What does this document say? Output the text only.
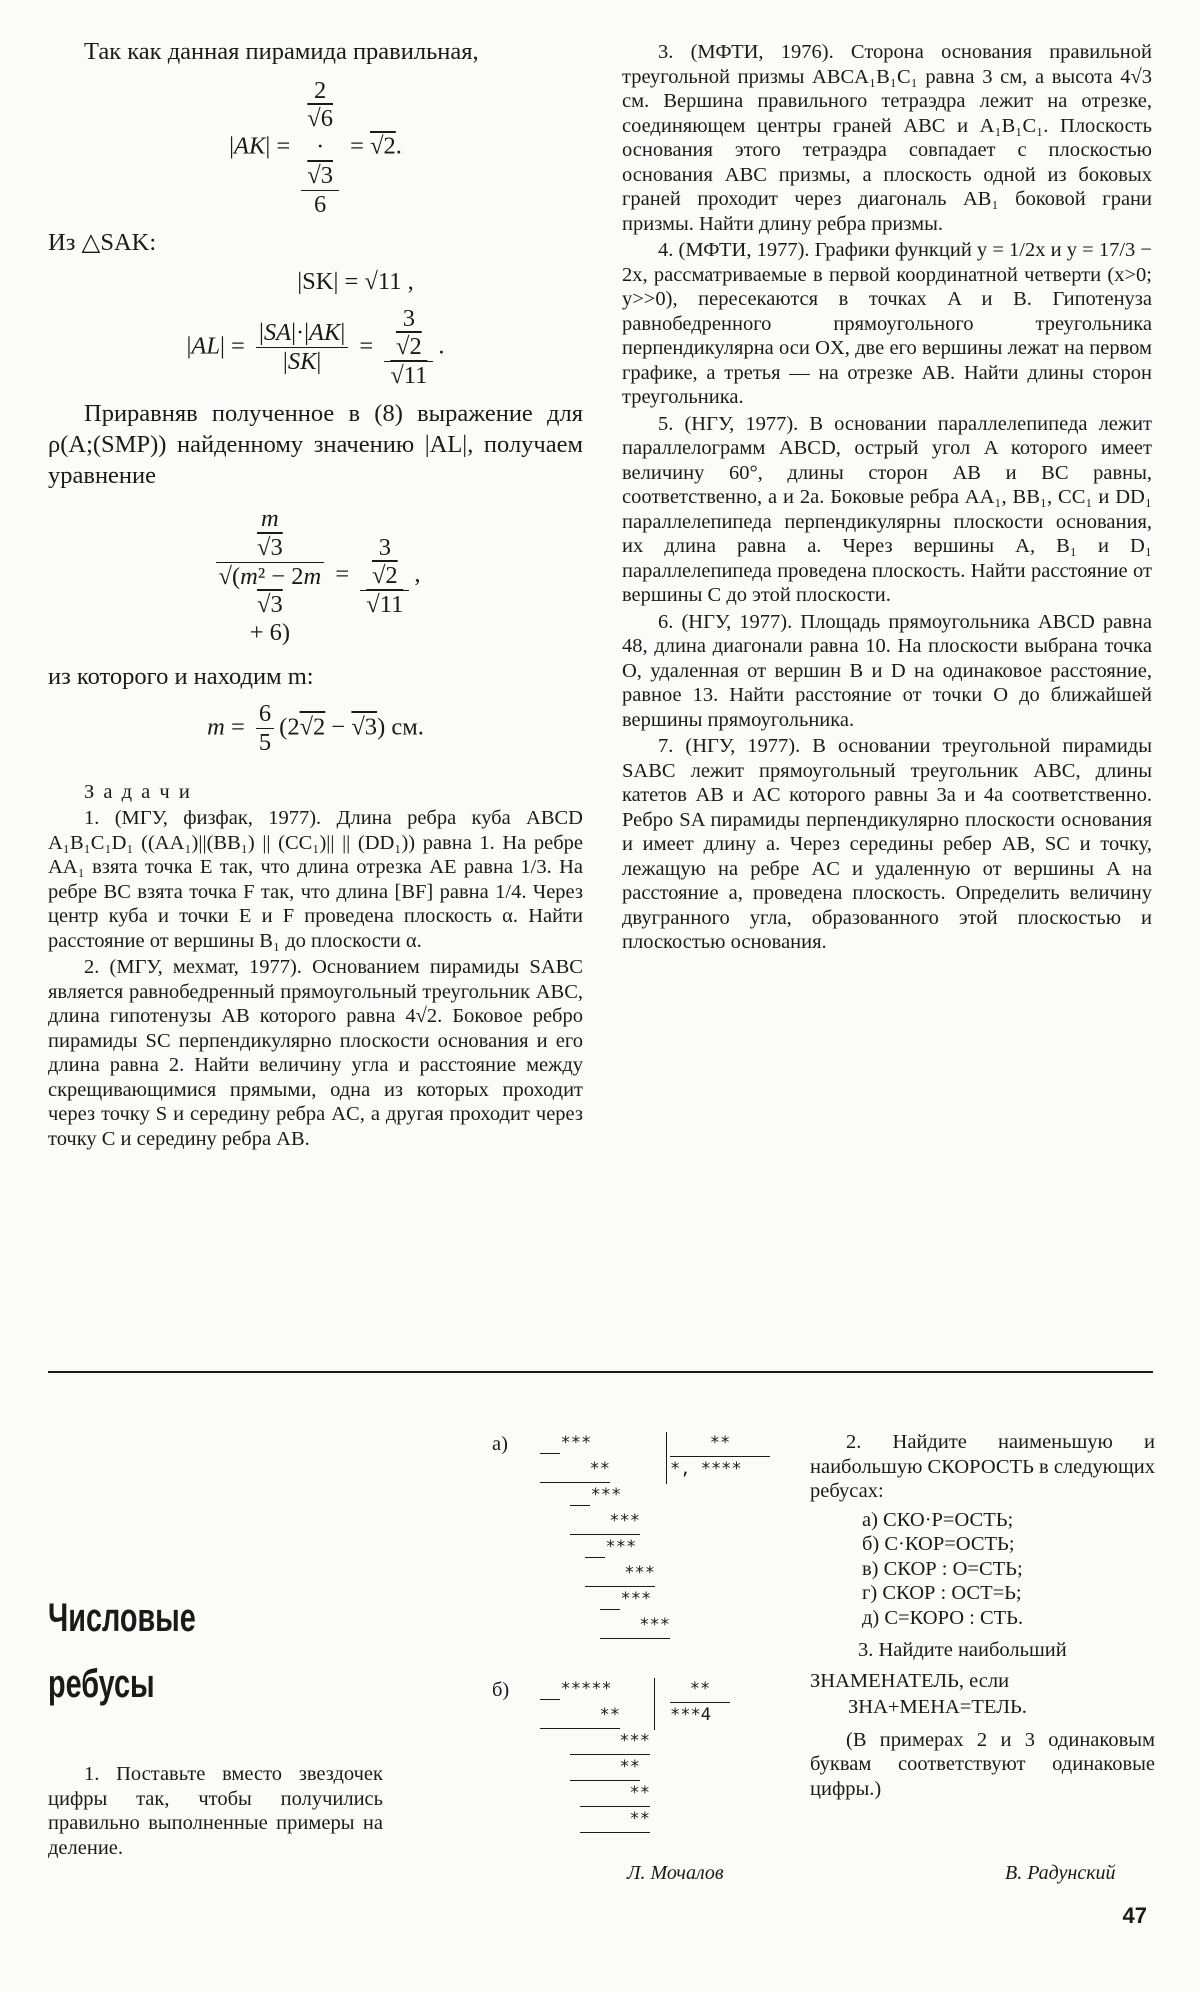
Так как данная пирамида правильная,

|AK| = 2
√6
·
√3
6 = √2.

Из △SAK:

|SK| = √11 ,
$|AL| = \frac{|SA|\cdot|AK|}{|SK|} = 3$
√2
√11 .

Приравняв полученное в (8) выражение для ρ(A;(SMP)) найденному значению |AL|, получаем уравнение

m
√3
√(m² − 2m
√3
+ 6) = 3
√2
√11 ,

из которого и находим m:

$m = \frac{6}{5} (2√2 - √3)$ см.

З а д а ч и

1. (МГУ, физфак, 1977). Длина ребра куба ABCD A₁B₁C₁D₁ ((AA₁)||(BB₁) || (CC₁)|| || (DD₁)) равна 1. На ребре AA₁ взята точка E так, что длина отрезка AE равна 1/3. На ребре BC взята точка F так, что длина [BF] равна 1/4. Через центр куба и точки E и F проведена плоскость α. Найти расстояние от вершины B₁ до плоскости α.

2. (МГУ, мехмат, 1977). Основанием пирамиды SABC является равнобедренный прямоугольный треугольник ABC, длина гипотенузы AB которого равна 4√2. Боковое ребро пирамиды SC перпендикулярно плоскости основания и его длина равна 2. Найти величину угла и расстояние между скрещивающимися прямыми, одна из которых проходит через точку S и середину ребра AC, а другая проходит через точку C и середину ребра AB.

3. (МФТИ, 1976). Сторона основания правильной треугольной призмы ABCA₁B₁C₁ равна 3 см, а высота 4√3 см. Вершина правильного тетраэдра лежит на отрезке, соединяющем центры граней ABC и A₁B₁C₁. Плоскость основания этого тетраэдра совпадает с плоскостью основания ABC призмы, а плоскость одной из боковых граней проходит через диагональ AB₁ боковой грани призмы. Найти длину ребра призмы.

4. (МФТИ, 1977). Графики функций y = 1/2x и y = 17/3 − 2x, рассматриваемые в первой координатной четверти (x>0; y>>0), пересекаются в точках A и B. Гипотенуза равнобедренного прямоугольного треугольника перпендикулярна оси OX, две его вершины лежат на первом графике, а третья — на отрезке AB. Найти длины сторон треугольника.

5. (НГУ, 1977). В основании параллелепипеда лежит параллелограмм ABCD, острый угол A которого имеет величину 60°, длины сторон AB и BC равны, соответственно, a и 2a. Боковые ребра AA₁, BB₁, CC₁ и DD₁ параллелепипеда перпендикулярны плоскости основания, их длина равна a. Через вершины A, B₁ и D₁ параллелепипеда проведена плоскость. Найти расстояние от вершины C до этой плоскости.

6. (НГУ, 1977). Площадь прямоугольника ABCD равна 48, длина диагонали равна 10. На плоскости выбрана точка O, удаленная от вершин B и D на одинаковое расстояние, равное 13. Найти расстояние от точки O до ближайшей вершины прямоугольника.

7. (НГУ, 1977). В основании треугольной пирамиды SABC лежит прямоугольный треугольник ABC, длины катетов AB и AC которого равны 3a и 4a соответственно. Ребро SA пирамиды перпендикулярно плоскости основания и имеет длину a. Через середины ребер AB, SC и точку, лежащую на ребре AC и удаленную от вершины A на расстояние a, проведена плоскость. Определить величину двугранного угла, образованного этой плоскостью и плоскостью основания.

Числовые
ребусы

1. Поставьте вместо звездочек цифры так, чтобы получились правильно выполненные примеры на деление.

а)

	***

**

***

***

***

***

***

***

**

*, ****

б)

	*****

**

***

**

**

**

**

***4

2. Найдите наименьшую и наибольшую СКОРОСТЬ в следующих ребусах:

а) СКО·Р=ОСТЬ;
б) С·КОР=ОСТЬ;
в) СКОР : О=СТЬ;
г) СКОР : ОСТ=Ь;
д) С=КОРО : СТЬ.

3. Найдите наибольший

ЗНАМЕНАТЕЛЬ, если

ЗНА+МЕНА=ТЕЛЬ.

(В примерах 2 и 3 одинаковым буквам соответствуют одинаковые цифры.)

Л. Мочалов	В. Радунский
47
